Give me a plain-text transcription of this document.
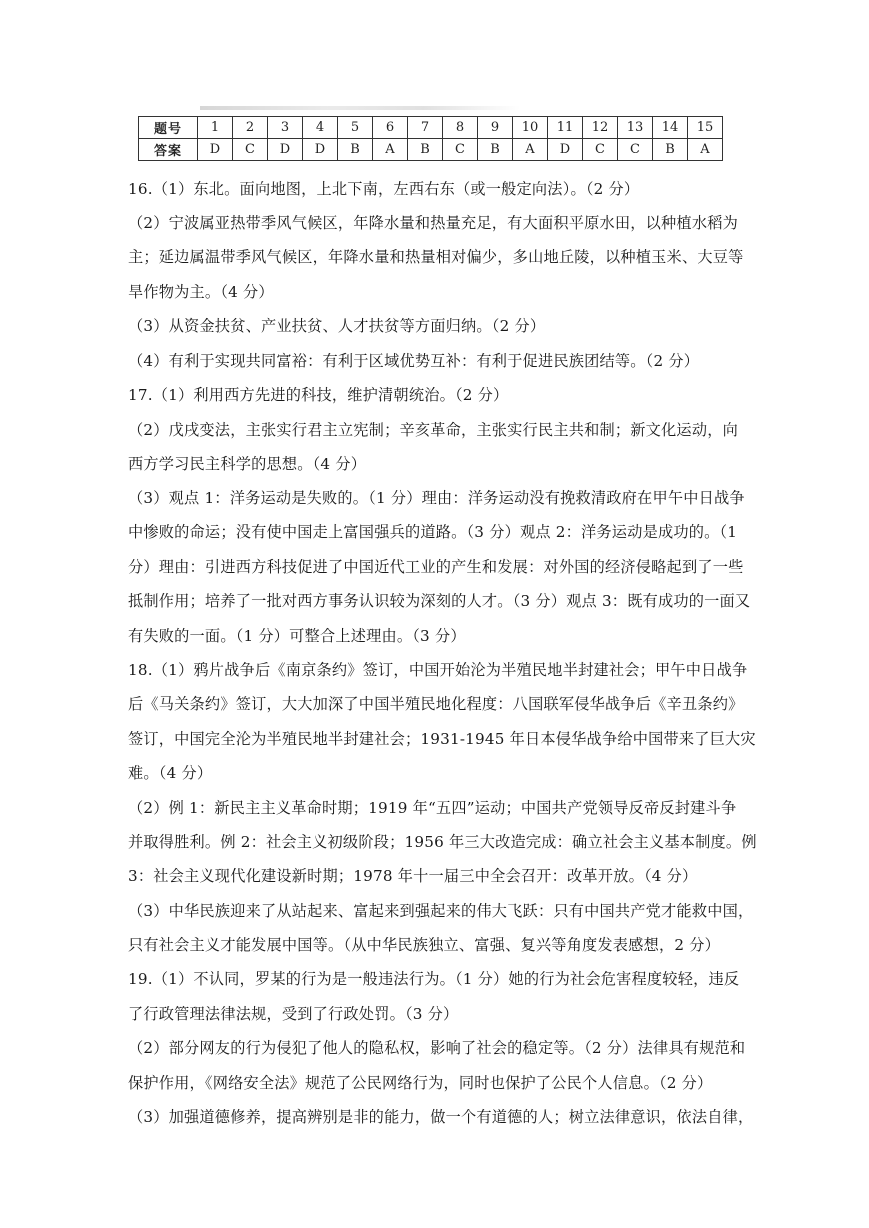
题号	1	2	3	4	5	6	7	8	9	10	11	12	13	14	15
答案	D	C	D	D	B	A	B	C	B	A	D	C	C	B	A
16.（1）东北。面向地图，上北下南，左西右东（或一般定向法）。（2 分）
（2）宁波属亚热带季风气候区，年降水量和热量充足，有大面积平原水田，以种植水稻为
主；延边属温带季风气候区，年降水量和热量相对偏少，多山地丘陵，以种植玉米、大豆等
旱作物为主。（4 分）
（3）从资金扶贫、产业扶贫、人才扶贫等方面归纳。（2 分）
（4）有利于实现共同富裕：有利于区域优势互补：有利于促进民族团结等。（2 分）
17.（1）利用西方先进的科技，维护清朝统治。（2 分）
（2）戊戌变法，主张实行君主立宪制；辛亥革命，主张实行民主共和制；新文化运动，向
西方学习民主科学的思想。（4 分）
（3）观点 1：洋务运动是失败的。（1 分）理由：洋务运动没有挽救清政府在甲午中日战争
中惨败的命运；没有使中国走上富国强兵的道路。（3 分）观点 2：洋务运动是成功的。（1
分）理由：引进西方科技促进了中国近代工业的产生和发展：对外国的经济侵略起到了一些
抵制作用；培养了一批对西方事务认识较为深刻的人才。（3 分）观点 3：既有成功的一面又
有失败的一面。（1 分）可整合上述理由。（3 分）
18.（1）鸦片战争后《南京条约》签订，中国开始沦为半殖民地半封建社会；甲午中日战争
后《马关条约》签订，大大加深了中国半殖民地化程度：八国联军侵华战争后《辛丑条约》
签订，中国完全沦为半殖民地半封建社会；1931-1945 年日本侵华战争给中国带来了巨大灾
难。（4 分）
（2）例 1：新民主主义革命时期；1919 年“五四”运动；中国共产党领导反帝反封建斗争
并取得胜利。例 2：社会主义初级阶段；1956 年三大改造完成：确立社会主义基本制度。例
3：社会主义现代化建设新时期；1978 年十一届三中全会召开：改革开放。（4 分）
（3）中华民族迎来了从站起来、富起来到强起来的伟大飞跃：只有中国共产党才能救中国，
只有社会主义才能发展中国等。（从中华民族独立、富强、复兴等角度发表感想，2 分）
19.（1）不认同，罗某的行为是一般违法行为。（1 分）她的行为社会危害程度较轻，违反
了行政管理法律法规，受到了行政处罚。（3 分）
（2）部分网友的行为侵犯了他人的隐私权，影响了社会的稳定等。（2 分）法律具有规范和
保护作用，《网络安全法》规范了公民网络行为，同时也保护了公民个人信息。（2 分）
（3）加强道德修养，提高辨别是非的能力，做一个有道德的人；树立法律意识，依法自律，
